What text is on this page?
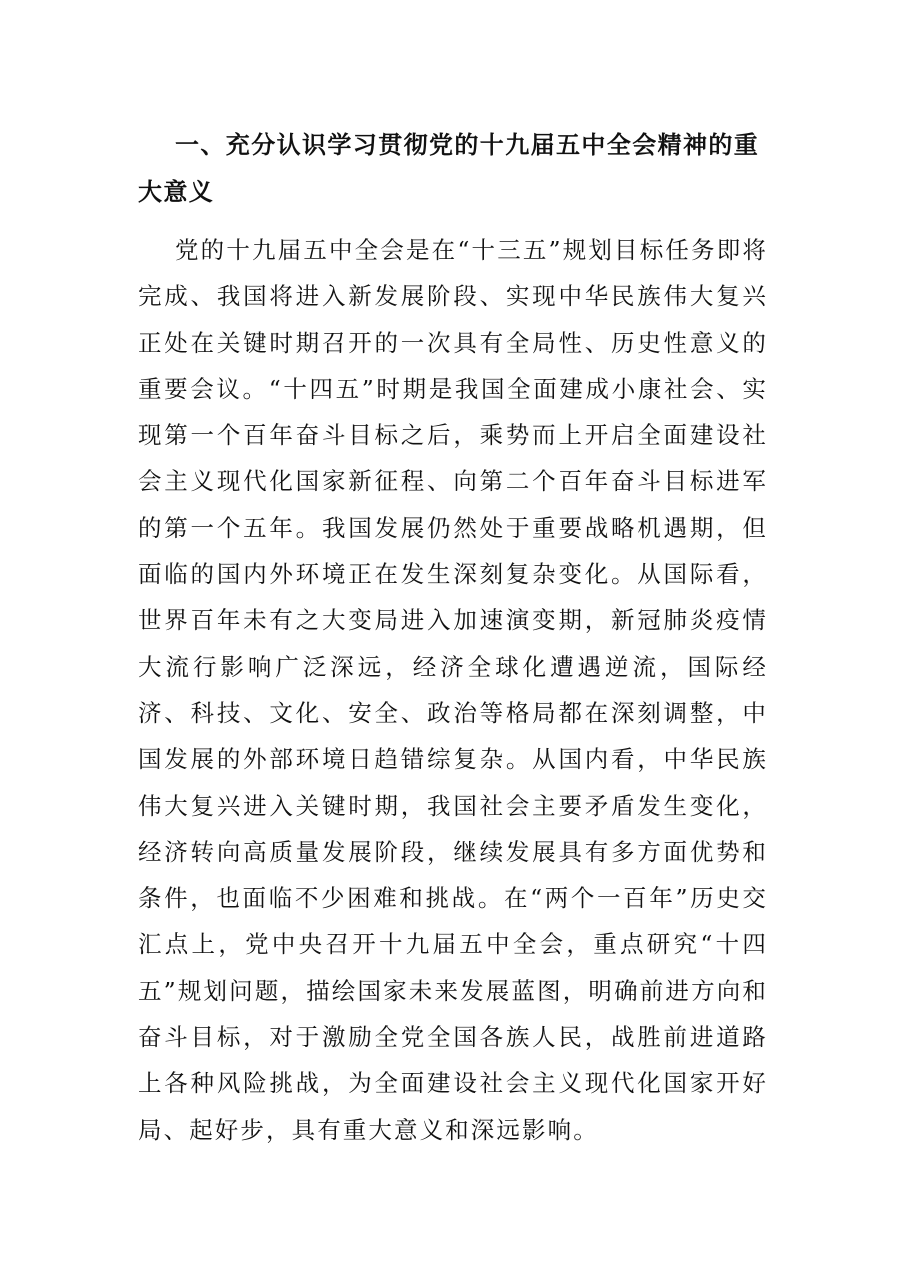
一、充分认识学习贯彻党的十九届五中全会精神的重大意义

党的十九届五中全会是在“十三五”规划目标任务即将完成、我国将进入新发展阶段、实现中华民族伟大复兴正处在关键时期召开的一次具有全局性、历史性意义的重要会议。“十四五”时期是我国全面建成小康社会、实现第一个百年奋斗目标之后，乘势而上开启全面建设社会主义现代化国家新征程、向第二个百年奋斗目标进军的第一个五年。我国发展仍然处于重要战略机遇期，但面临的国内外环境正在发生深刻复杂变化。从国际看，世界百年未有之大变局进入加速演变期，新冠肺炎疫情大流行影响广泛深远，经济全球化遭遇逆流，国际经济、科技、文化、安全、政治等格局都在深刻调整，中国发展的外部环境日趋错综复杂。从国内看，中华民族伟大复兴进入关键时期，我国社会主要矛盾发生变化，经济转向高质量发展阶段，继续发展具有多方面优势和条件，也面临不少困难和挑战。在“两个一百年”历史交汇点上，党中央召开十九届五中全会，重点研究“十四五”规划问题，描绘国家未来发展蓝图，明确前进方向和奋斗目标，对于激励全党全国各族人民，战胜前进道路上各种风险挑战，为全面建设社会主义现代化国家开好局、起好步，具有重大意义和深远影响。
